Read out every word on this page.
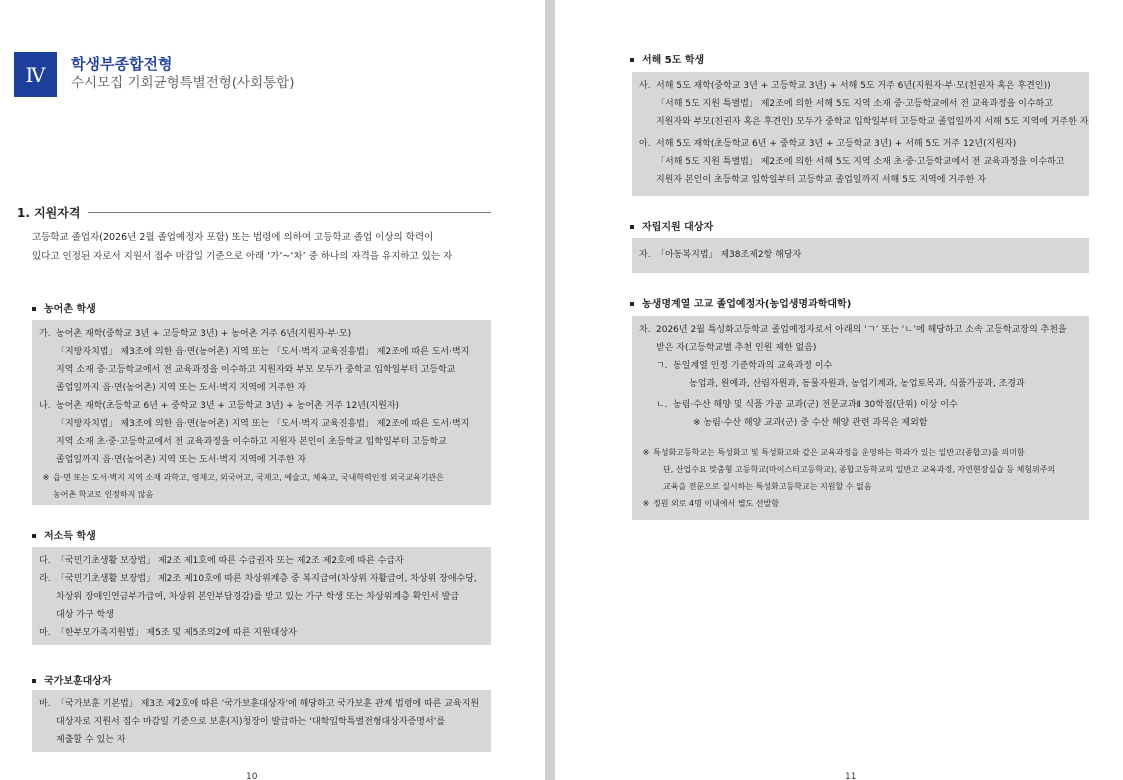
Ⅳ	학생부종합전형
수시모집 기회균형특별전형(사회통합)
1. 지원자격
고등학교 졸업자(2026년 2월 졸업예정자 포함) 또는 법령에 의하여 고등학교 졸업 이상의 학력이
있다고 인정된 자로서 지원서 접수 마감일 기준으로 아래 ‘가’~‘차’ 중 하나의 자격을 유지하고 있는 자
농어촌 학생
가. 농어촌 재학(중학교 3년 + 고등학교 3년) + 농어촌 거주 6년(지원자·부·모)
「지방자치법」 제3조에 의한 읍·면(농어촌) 지역 또는 「도서·벽지 교육진흥법」 제2조에 따른 도서·벽지
지역 소재 중·고등학교에서 전 교육과정을 이수하고 지원자와 부모 모두가 중학교 입학일부터 고등학교
졸업일까지 읍·면(농어촌) 지역 또는 도서·벽지 지역에 거주한 자
나. 농어촌 재학(초등학교 6년 + 중학교 3년 + 고등학교 3년) + 농어촌 거주 12년(지원자)
「지방자치법」 제3조에 의한 읍·면(농어촌) 지역 또는 「도서·벽지 교육진흥법」 제2조에 따른 도서·벽지
지역 소재 초·중·고등학교에서 전 교육과정을 이수하고 지원자 본인이 초등학교 입학일부터 고등학교
졸업일까지 읍·면(농어촌) 지역 또는 도서·벽지 지역에 거주한 자
※ 읍·면 또는 도서·벽지 지역 소재 과학고, 영재고, 외국어고, 국제고, 예술고, 체육고, 국내학력인정 외국교육기관은
농어촌 학교로 인정하지 않음
저소득 학생
다. 「국민기초생활 보장법」 제2조 제1호에 따른 수급권자 또는 제2조 제2호에 따른 수급자
라. 「국민기초생활 보장법」 제2조 제10호에 따른 차상위계층 중 복지급여(차상위 자활급여, 차상위 장애수당,
차상위 장애인연금부가급여, 차상위 본인부담경감)를 받고 있는 가구 학생 또는 차상위계층 확인서 발급
대상 가구 학생
마. 「한부모가족지원법」 제5조 및 제5조의2에 따른 지원대상자
국가보훈대상자
바. 「국가보훈 기본법」 제3조 제2호에 따른 ‘국가보훈대상자’에 해당하고 국가보훈 관계 법령에 따른 교육지원
대상자로 지원서 접수 마감일 기준으로 보훈(지)청장이 발급하는 ‘대학입학특별전형대상자증명서’를
제출할 수 있는 자
10
서해 5도 학생
사. 서해 5도 재학(중학교 3년 + 고등학교 3년) + 서해 5도 거주 6년(지원자·부·모(친권자 혹은 후견인))
「서해 5도 지원 특별법」 제2조에 의한 서해 5도 지역 소재 중·고등학교에서 전 교육과정을 이수하고
지원자와 부모(친권자 혹은 후견인) 모두가 중학교 입학일부터 고등학교 졸업일까지 서해 5도 지역에 거주한 자
아. 서해 5도 재학(초등학교 6년 + 중학교 3년 + 고등학교 3년) + 서해 5도 거주 12년(지원자)
「서해 5도 지원 특별법」 제2조에 의한 서해 5도 지역 소재 초·중·고등학교에서 전 교육과정을 이수하고
지원자 본인이 초등학교 입학일부터 고등학교 졸업일까지 서해 5도 지역에 거주한 자
자립지원 대상자
자. 「아동복지법」 제38조제2항 해당자
농생명계열 고교 졸업예정자(농업생명과학대학)
차. 2026년 2월 특성화고등학교 졸업예정자로서 아래의 ‘ㄱ’ 또는 ‘ㄴ’에 해당하고 소속 고등학교장의 추천을
받은 자(고등학교별 추천 인원 제한 없음)
ㄱ. 동일계열 인정 기준학과의 교육과정 이수
농업과, 원예과, 산림자원과, 동물자원과, 농업기계과, 농업토목과, 식품가공과, 조경과
ㄴ. 농림·수산 해양 및 식품 가공 교과(군) 전문교과Ⅱ 30학점(단위) 이상 이수
※ 농림·수산 해양 교과(군) 중 수산 해양 관련 과목은 제외함
※ 특성화고등학교는 특성화고 및 특성화고와 같은 교육과정을 운영하는 학과가 있는 일반고(종합고)를 의미함
단, 산업수요 맞춤형 고등학교(마이스터고등학교), 종합고등학교의 일반고 교육과정, 자연현장실습 등 체험위주의
교육을 전문으로 실시하는 특성화고등학교는 지원할 수 없음
※ 정원 외로 4명 이내에서 별도 선발함
11
